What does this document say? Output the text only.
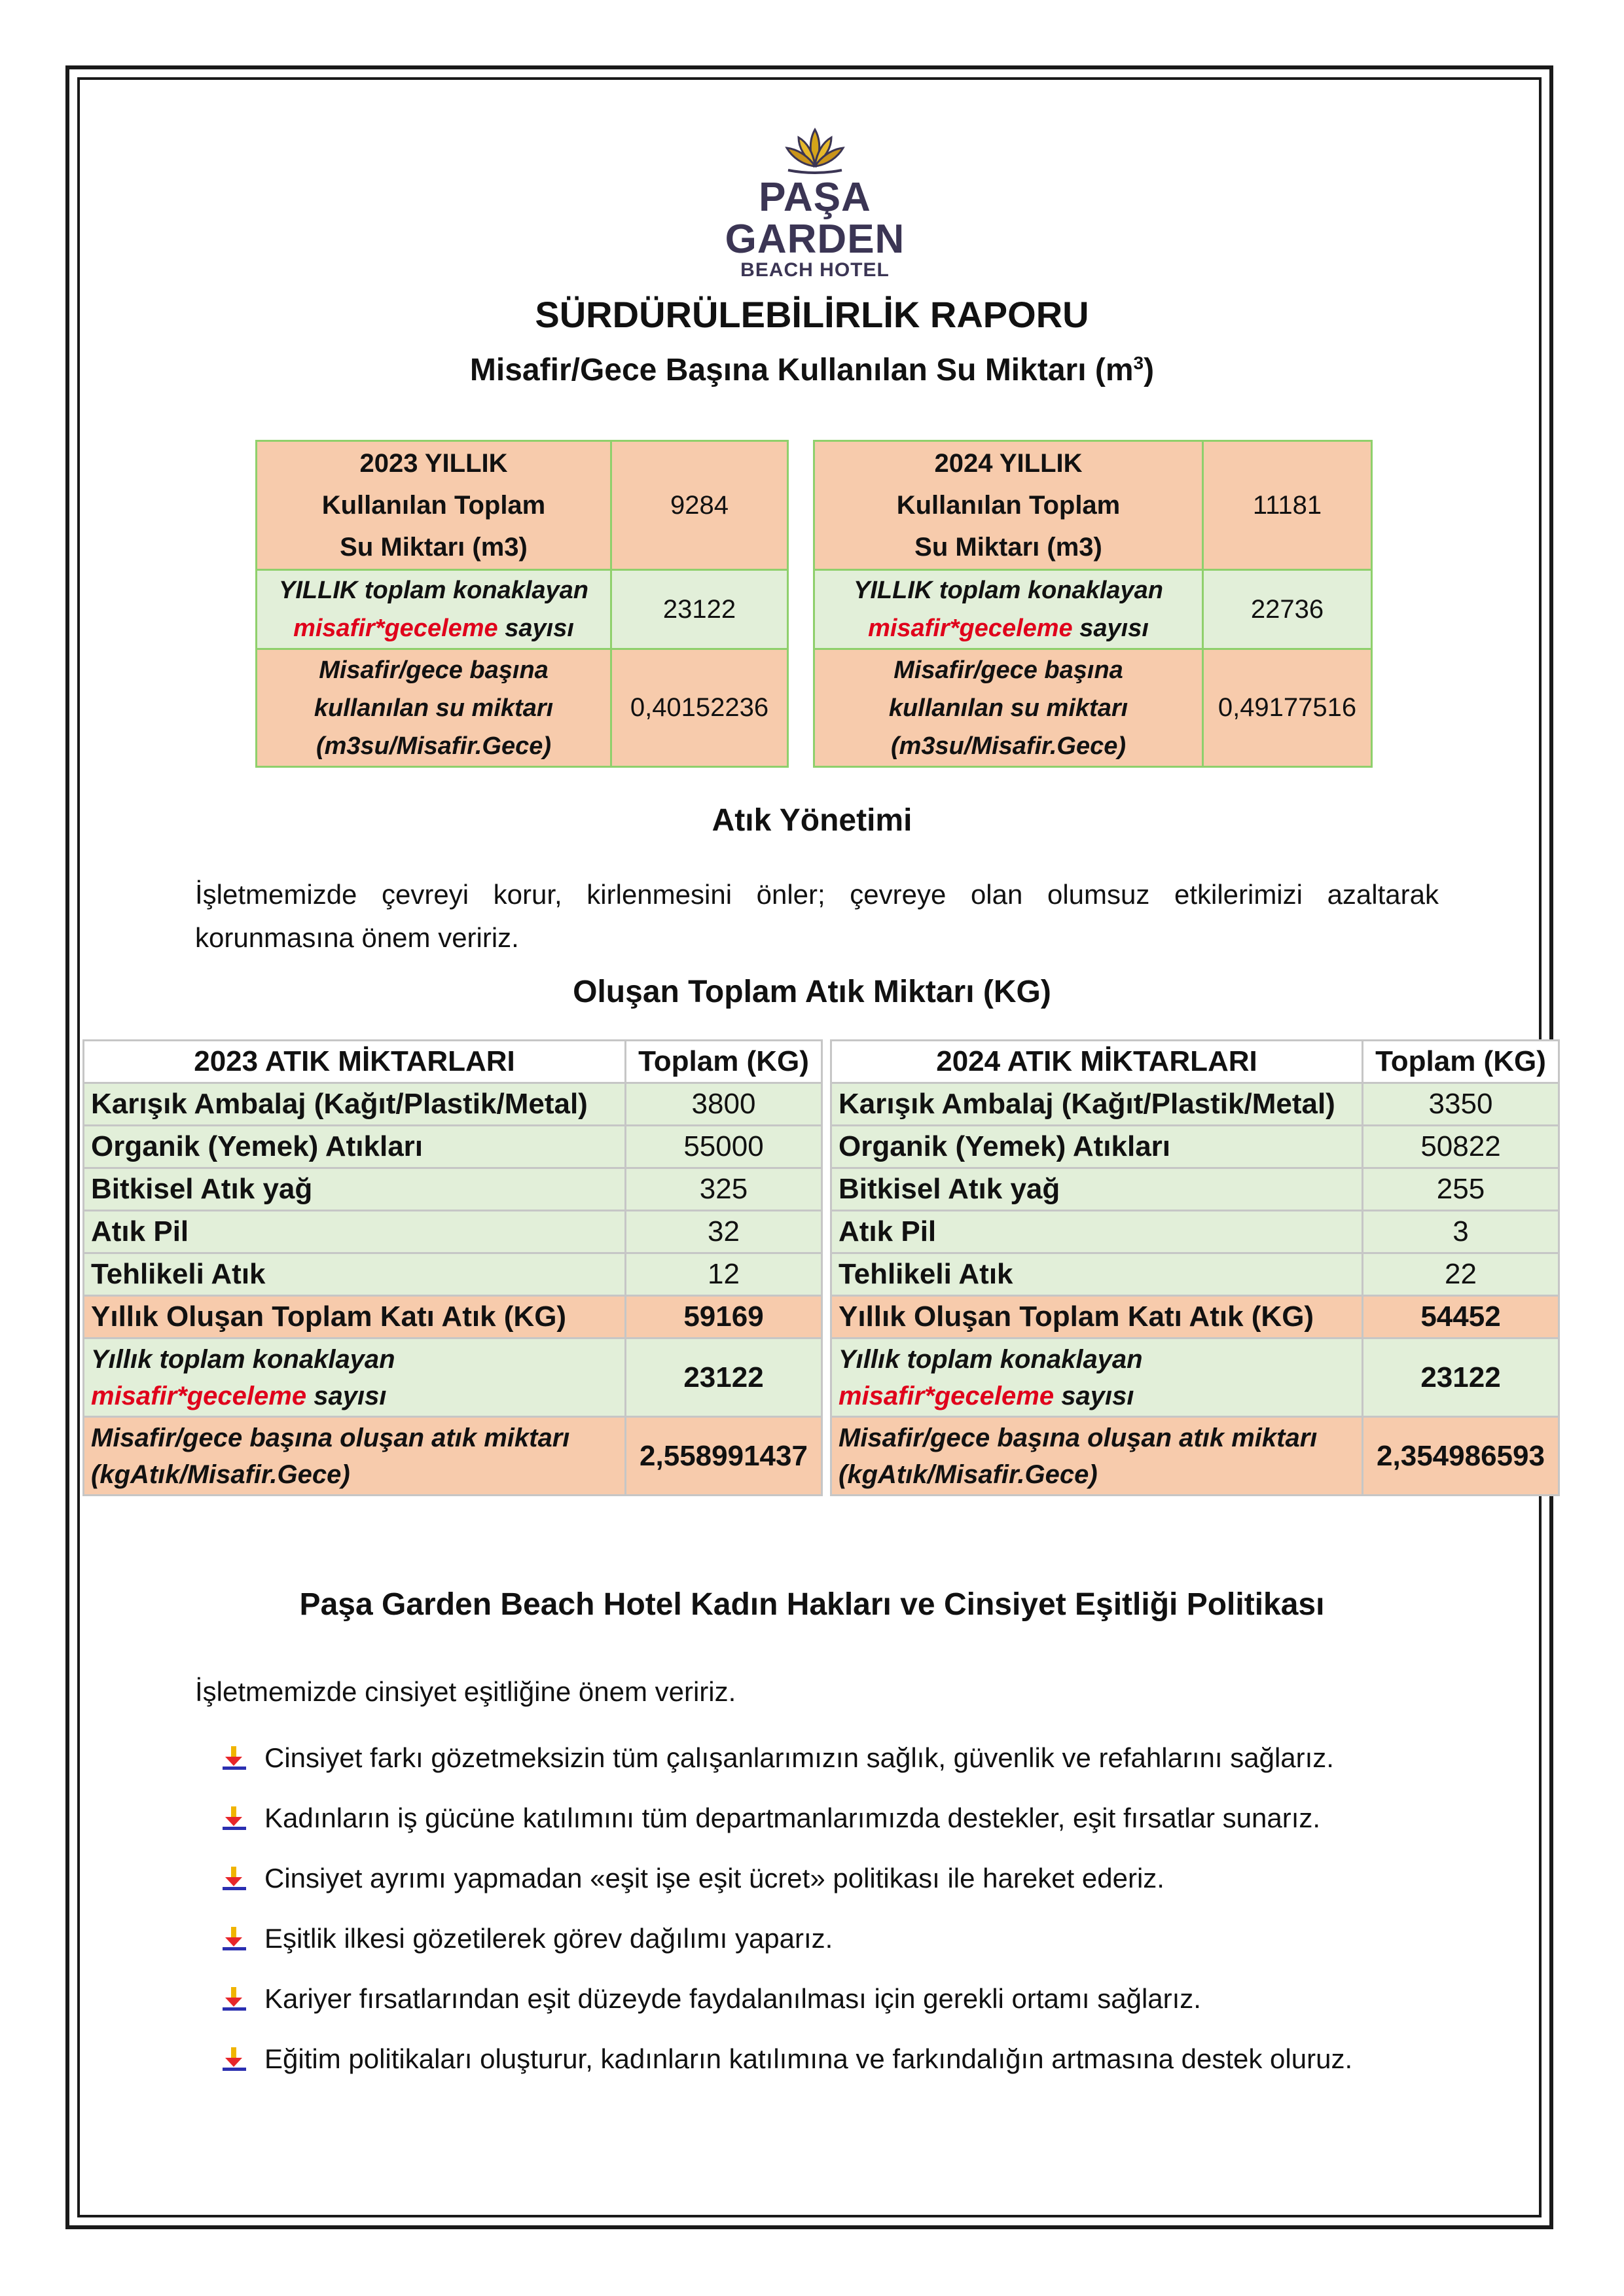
PAŞA GARDEN
BEACH HOTEL
SÜRDÜRÜLEBİLİRLİK RAPORU
Misafir/Gece Başına Kullanılan Su Miktarı $(m^3)$
2023 YILLIK
Kullanılan Toplam
Su Miktarı (m3)	9284

YILLIK toplam konaklayan
misafir*geceleme sayısı	23122

Misafir/gece başına
kullanılan su miktarı
(m3su/Misafir.Gece)	0,40152236
2024 YILLIK
Kullanılan Toplam
Su Miktarı (m3)	11181

YILLIK toplam konaklayan
misafir*geceleme sayısı	22736

Misafir/gece başına
kullanılan su miktarı
(m3su/Misafir.Gece)	0,49177516
Atık Yönetimi
İşletmemizde çevreyi korur, kirlenmesini önler; çevreye olan olumsuz etkilerimizi azaltarak korunmasına önem veririz.
Oluşan Toplam Atık Miktarı (KG)
2023 ATIK MİKTARLARI	Toplam (KG)
Karışık Ambalaj (Kağıt/Plastik/Metal)	3800
Organik (Yemek) Atıkları	55000
Bitkisel Atık yağ	325
Atık Pil	32
Tehlikeli Atık	12
Yıllık Oluşan Toplam Katı Atık (KG)	59169

Yıllık toplam konaklayan
misafir*geceleme sayısı	23122

Misafir/gece başına oluşan atık miktarı
(kgAtık/Misafir.Gece)	2,558991437
2024 ATIK MİKTARLARI	Toplam (KG)
Karışık Ambalaj (Kağıt/Plastik/Metal)	3350
Organik (Yemek) Atıkları	50822
Bitkisel Atık yağ	255
Atık Pil	3
Tehlikeli Atık	22
Yıllık Oluşan Toplam Katı Atık (KG)	54452

Yıllık toplam konaklayan
misafir*geceleme sayısı	23122

Misafir/gece başına oluşan atık miktarı
(kgAtık/Misafir.Gece)	2,354986593
Paşa Garden Beach Hotel Kadın Hakları ve Cinsiyet Eşitliği Politikası
İşletmemizde cinsiyet eşitliğine önem veririz.
Cinsiyet farkı gözetmeksizin tüm çalışanlarımızın sağlık, güvenlik ve refahlarını sağlarız.
Kadınların iş gücüne katılımını tüm departmanlarımızda destekler, eşit fırsatlar sunarız.
Cinsiyet ayrımı yapmadan «eşit işe eşit ücret» politikası ile hareket ederiz.
Eşitlik ilkesi gözetilerek görev dağılımı yaparız.
Kariyer fırsatlarından eşit düzeyde faydalanılması için gerekli ortamı sağlarız.
Eğitim politikaları oluşturur, kadınların katılımına ve farkındalığın artmasına destek oluruz.
